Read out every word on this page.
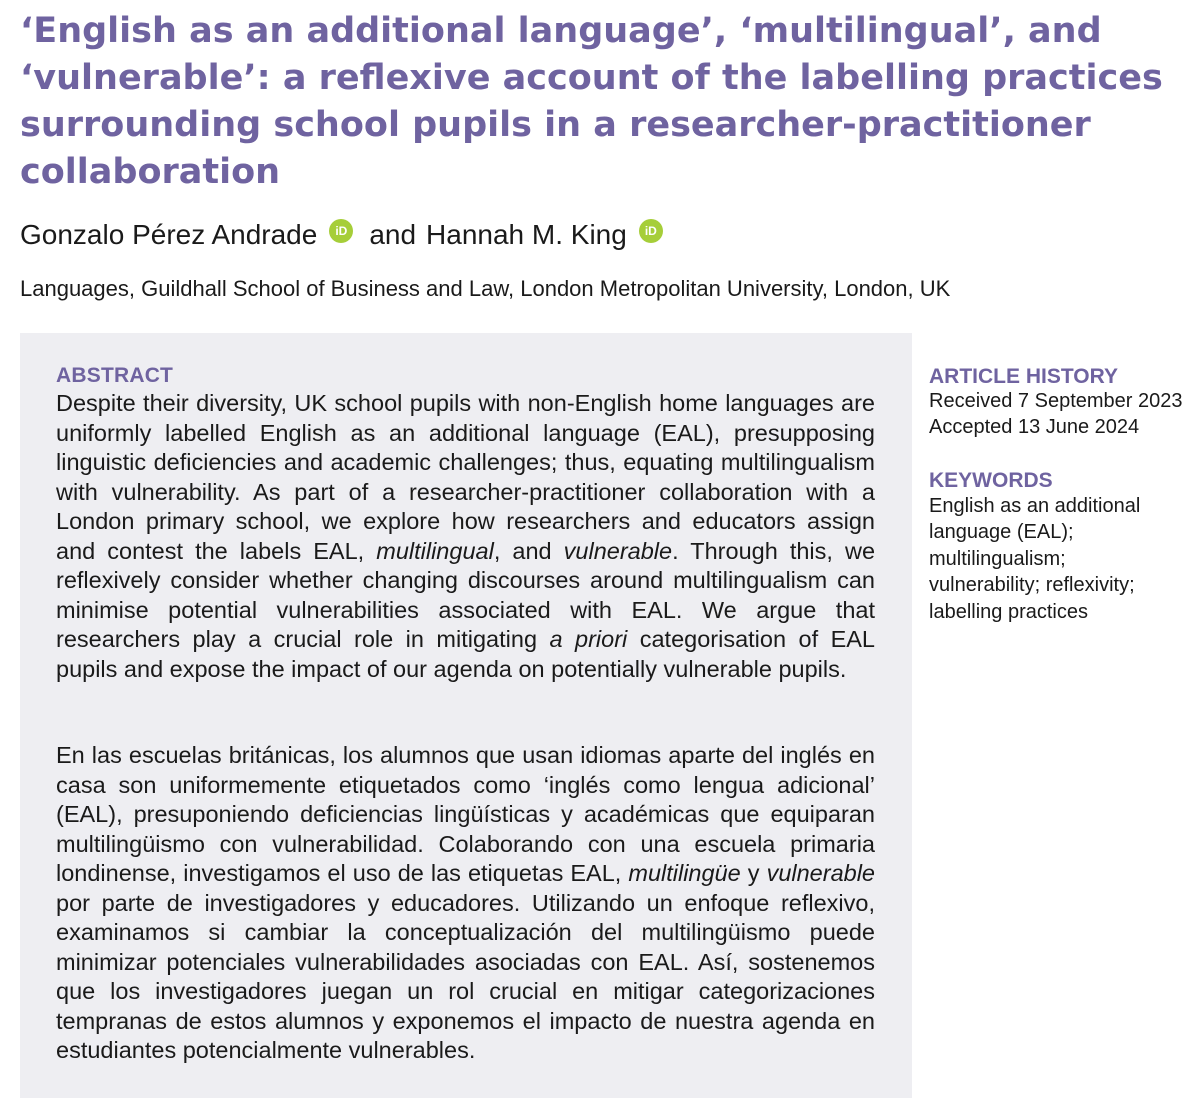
‘English as an additional language’, ‘multilingual’, and ‘vulnerable’: a reflexive account of the labelling practices surrounding school pupils in a researcher-practitioner collaboration
Gonzalo Pérez Andrade	iD and Hannah M. King	iD
Languages, Guildhall School of Business and Law, London Metropolitan University, London, UK
ABSTRACT

Despite their diversity, UK school pupils with non-English home languages are uniformly labelled English as an additional language (EAL), presupposing linguistic deficiencies and academic challenges; thus, equating multilingualism with vulnerability. As part of a researcher-practitioner collaboration with a London primary school, we explore how researchers and educators assign and contest the labels EAL, multilingual, and vulnerable. Through this, we reflexively consider whether changing discourses around multilingualism can minimise potential vulnerabilities associated with EAL. We argue that researchers play a crucial role in mitigating a priori categorisation of EAL pupils and expose the impact of our agenda on potentially vulnerable pupils.

En las escuelas británicas, los alumnos que usan idiomas aparte del inglés en casa son uniformemente etiquetados como ‘inglés como lengua adicional’ (EAL), presuponiendo deficiencias lingüísticas y académicas que equiparan multilingüismo con vulnerabilidad. Colaborando con una escuela primaria londinense, investigamos el uso de las etiquetas EAL, multilingüe y vulnerable por parte de investigadores y educadores. Utilizando un enfoque reflexivo, examinamos si cambiar la conceptualización del multilingüismo puede minimizar potenciales vulnerabilidades asociadas con EAL. Así, sostenemos que los investigadores juegan un rol crucial en mitigar categorizaciones tempranas de estos alumnos y exponemos el impacto de nuestra agenda en estudiantes potencialmente vulnerables.

ARTICLE HISTORY
Received 7 September 2023
Accepted 13 June 2024
KEYWORDS
English as an additional
language (EAL);
multilingualism;
vulnerability; reflexivity;
labelling practices
